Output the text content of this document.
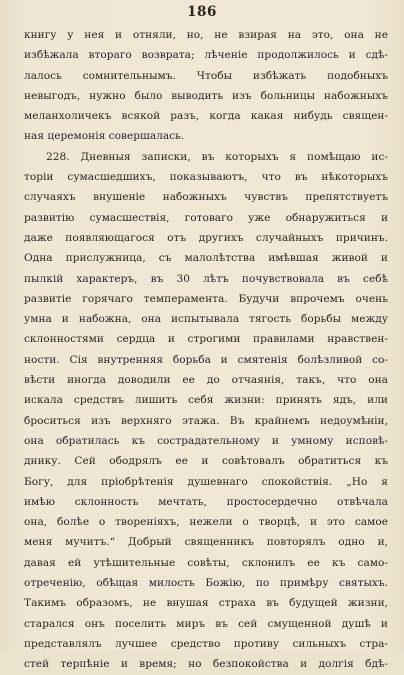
186
книгу у нея и отняли, но, не взирая на это, она не
избѣжала втораго возврата; лѣченіе продолжилось и сдѣ-
лалось сомнительнымъ. Чтобы избѣжать подобныхъ
невыгодъ, нужно было выводить изъ больницы набожныхъ
меланхоличекъ всякой разъ, когда какая нибудь священ-
ная церемонія совершалась.
228. Дневныя записки, въ которыхъ я помѣщаю ис-
торіи сумасшедшихъ, показываютъ, что въ нѣкоторыхъ
случаяхъ внушеніе набожныхъ чувствъ препятствуетъ
развитію сумасшествія, готоваго уже обнаружиться и
даже появляющагося отъ другихъ случайныхъ причинъ.
Одна прислужница, съ малолѣтства имѣвшая живой и
пылкій характеръ, въ 30 лѣтъ почувствовала въ себѣ
развитіе горячаго темперамента. Будучи впрочемъ очень
умна и набожна, она испытывала тягость борьбы между
склонностями сердца и строгими правилами нравствен-
ности. Сія внутренняя борьба и смятенія болѣзливой со-
вѣсти иногда доводили ее до отчаянія, такъ, что она
искала средствъ лишить себя жизни: принять ядъ, или
броситься изъ верхняго этажа. Въ крайнемъ недоумѣніи,
она обратилась къ сострадательному и умному исповѣ-
днику. Сей ободрялъ ее и совѣтовалъ обратиться къ
Богу, для пріобрѣтенія душевнаго спокойствія. „Но я
имѣю склонность мечтать, простосердечно отвѣчала
она, болѣе о твореніяхъ, нежели о творцѣ, и это самое
меня мучитъ.“ Добрый священникъ повторялъ одно и,
давая ей утѣшительные совѣты, склонилъ ее къ само-
отреченію, обѣщая милость Божію, по примѣру святыхъ.
Такимъ образомъ, не внушая страха въ будущей жизни,
старался онъ поселить миръ въ сей смущенной душѣ и
представлялъ лучшее средство противу сильныхъ стра-
стей терпѣніе и время; но безпокойства и долгія бдѣ-
